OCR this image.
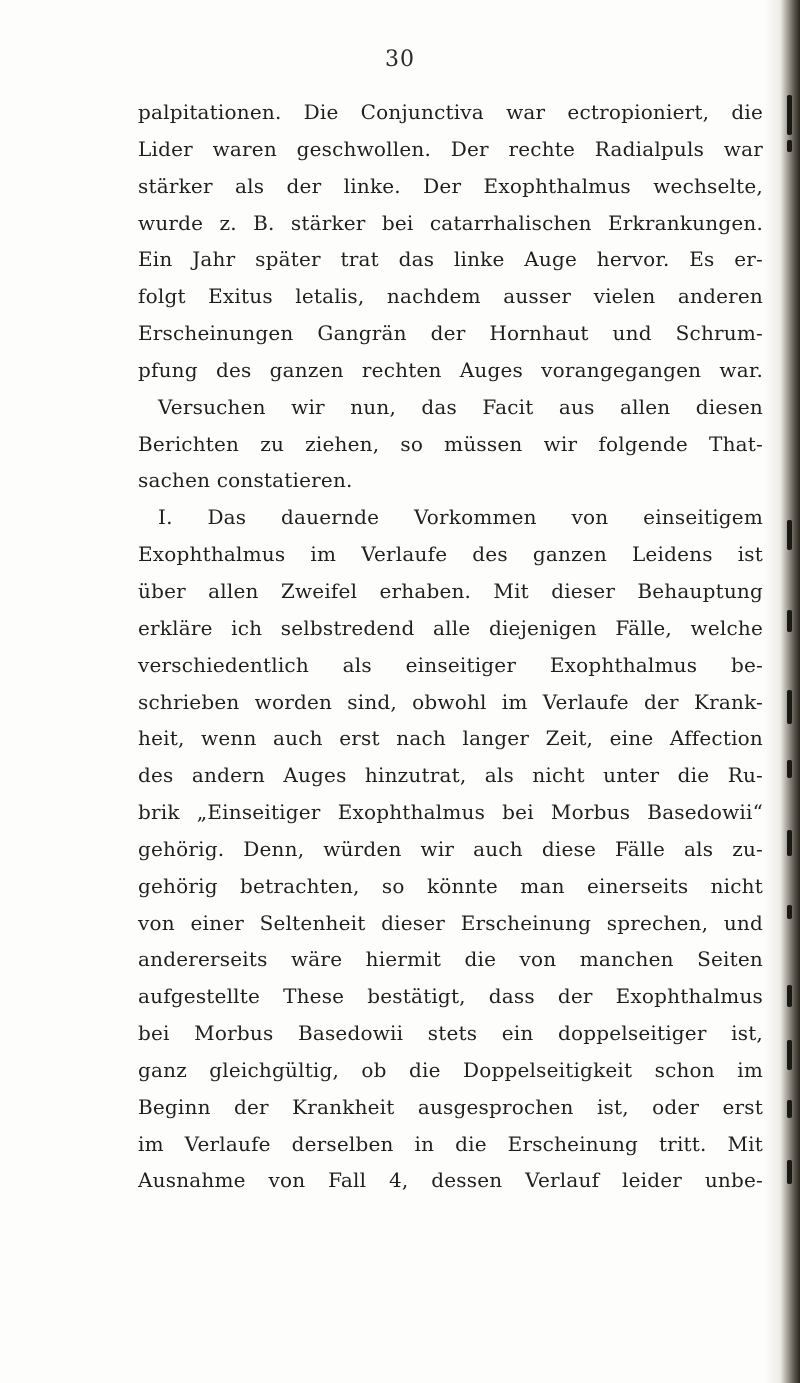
30
palpitationen. Die Conjunctiva war ectropioniert, die
Lider waren geschwollen. Der rechte Radialpuls war
stärker als der linke. Der Exophthalmus wechselte,
wurde z. B. stärker bei catarrhalischen Erkrankungen.
Ein Jahr später trat das linke Auge hervor. Es er-
folgt Exitus letalis, nachdem ausser vielen anderen
Erscheinungen Gangrän der Hornhaut und Schrum-
pfung des ganzen rechten Auges vorangegangen war.
Versuchen wir nun, das Facit aus allen diesen
Berichten zu ziehen, so müssen wir folgende That-
sachen constatieren.
I. Das dauernde Vorkommen von einseitigem
Exophthalmus im Verlaufe des ganzen Leidens ist
über allen Zweifel erhaben. Mit dieser Behauptung
erkläre ich selbstredend alle diejenigen Fälle, welche
verschiedentlich als einseitiger Exophthalmus be-
schrieben worden sind, obwohl im Verlaufe der Krank-
heit, wenn auch erst nach langer Zeit, eine Affection
des andern Auges hinzutrat, als nicht unter die Ru-
brik „Einseitiger Exophthalmus bei Morbus Basedowii“
gehörig. Denn, würden wir auch diese Fälle als zu-
gehörig betrachten, so könnte man einerseits nicht
von einer Seltenheit dieser Erscheinung sprechen, und
andererseits wäre hiermit die von manchen Seiten
aufgestellte These bestätigt, dass der Exophthalmus
bei Morbus Basedowii stets ein doppelseitiger ist,
ganz gleichgültig, ob die Doppelseitigkeit schon im
Beginn der Krankheit ausgesprochen ist, oder erst
im Verlaufe derselben in die Erscheinung tritt. Mit
Ausnahme von Fall 4, dessen Verlauf leider unbe-
